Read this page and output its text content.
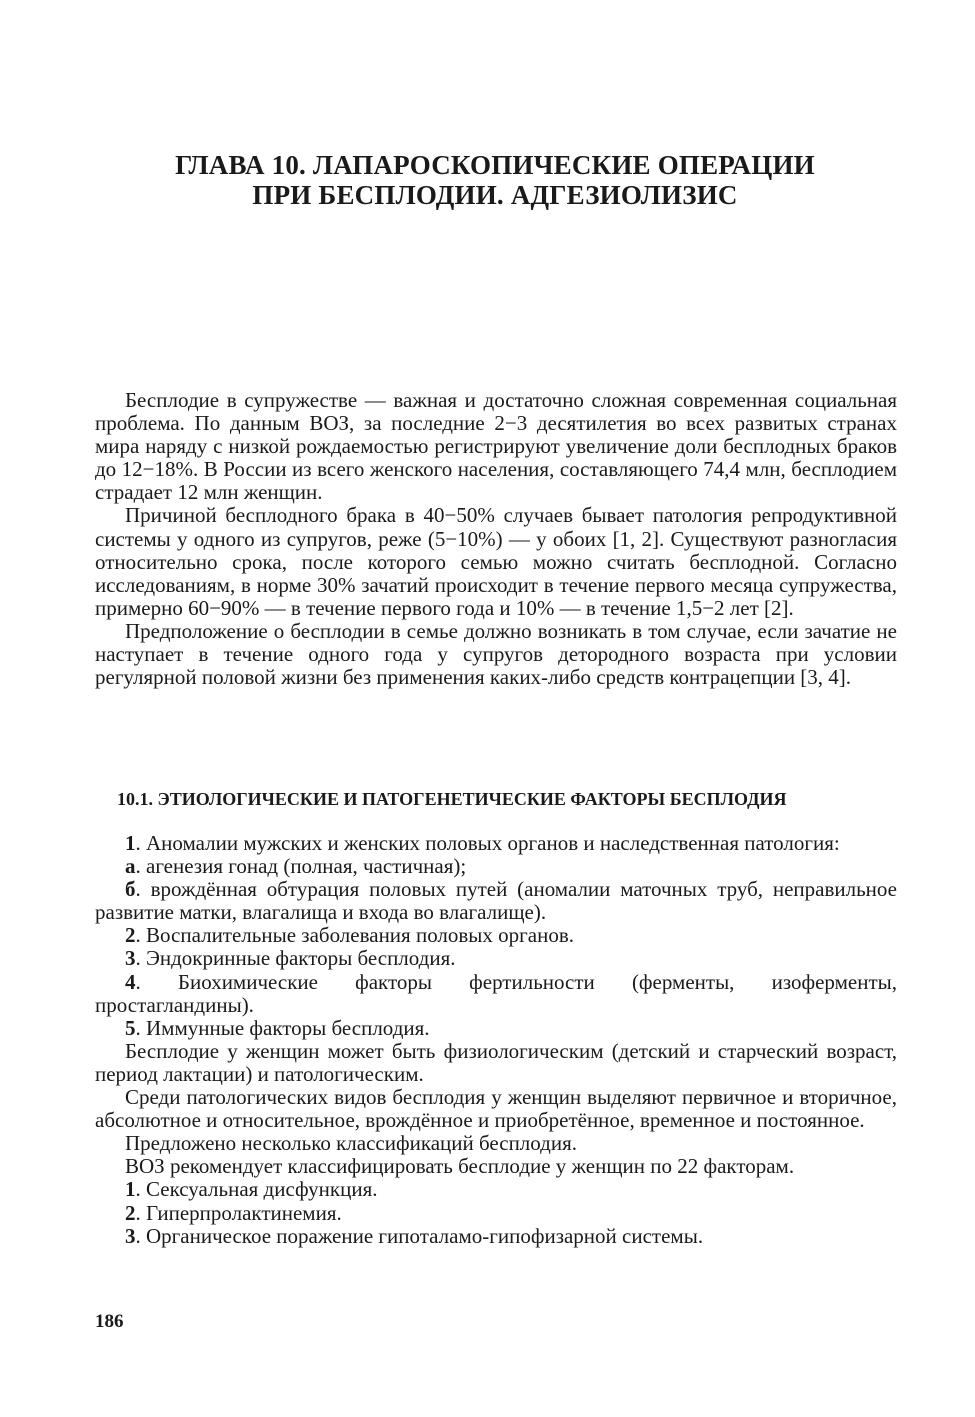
ГЛАВА 10. ЛАПАРОСКОПИЧЕСКИЕ ОПЕРАЦИИ
ПРИ БЕСПЛОДИИ. АДГЕЗИОЛИЗИС

Бесплодие в супружестве — важная и достаточно сложная современная социальная проблема. По данным ВОЗ, за последние 2−3 десятилетия во всех развитых странах мира наряду с низкой рождаемостью регистрируют увеличение доли бесплодных браков до 12−18%. В России из всего женского населения, составляющего 74,4 млн, бесплодием страдает 12 млн женщин.

Причиной бесплодного брака в 40−50% случаев бывает патология репродуктивной системы у одного из супругов, реже (5−10%) — у обоих [1, 2]. Существуют разногласия относительно срока, после которого семью можно считать бесплодной. Согласно исследованиям, в норме 30% зачатий происходит в течение первого месяца супружества, примерно 60−90% — в течение первого года и 10% — в течение 1,5−2 лет [2].

Предположение о бесплодии в семье должно возникать в том случае, если зачатие не наступает в течение одного года у супругов детородного возраста при условии регулярной половой жизни без применения каких-либо средств контрацепции [3, 4].

10.1. ЭТИОЛОГИЧЕСКИЕ И ПАТОГЕНЕТИЧЕСКИЕ ФАКТОРЫ БЕСПЛОДИЯ

1. Аномалии мужских и женских половых органов и наследственная патология:

а. агенезия гонад (полная, частичная);

б. врождённая обтурация половых путей (аномалии маточных труб, неправильное развитие матки, влагалища и входа во влагалище).

2. Воспалительные заболевания половых органов.

3. Эндокринные факторы бесплодия.

4. Биохимические факторы фертильности (ферменты, изоферменты, простагландины).

5. Иммунные факторы бесплодия.

Бесплодие у женщин может быть физиологическим (детский и старческий возраст, период лактации) и патологическим.

Среди патологических видов бесплодия у женщин выделяют первичное и вторичное, абсолютное и относительное, врождённое и приобретённое, временное и постоянное.

Предложено несколько классификаций бесплодия.

ВОЗ рекомендует классифицировать бесплодие у женщин по 22 факторам.

1. Сексуальная дисфункция.

2. Гиперпролактинемия.

3. Органическое поражение гипоталамо-гипофизарной системы.

186
